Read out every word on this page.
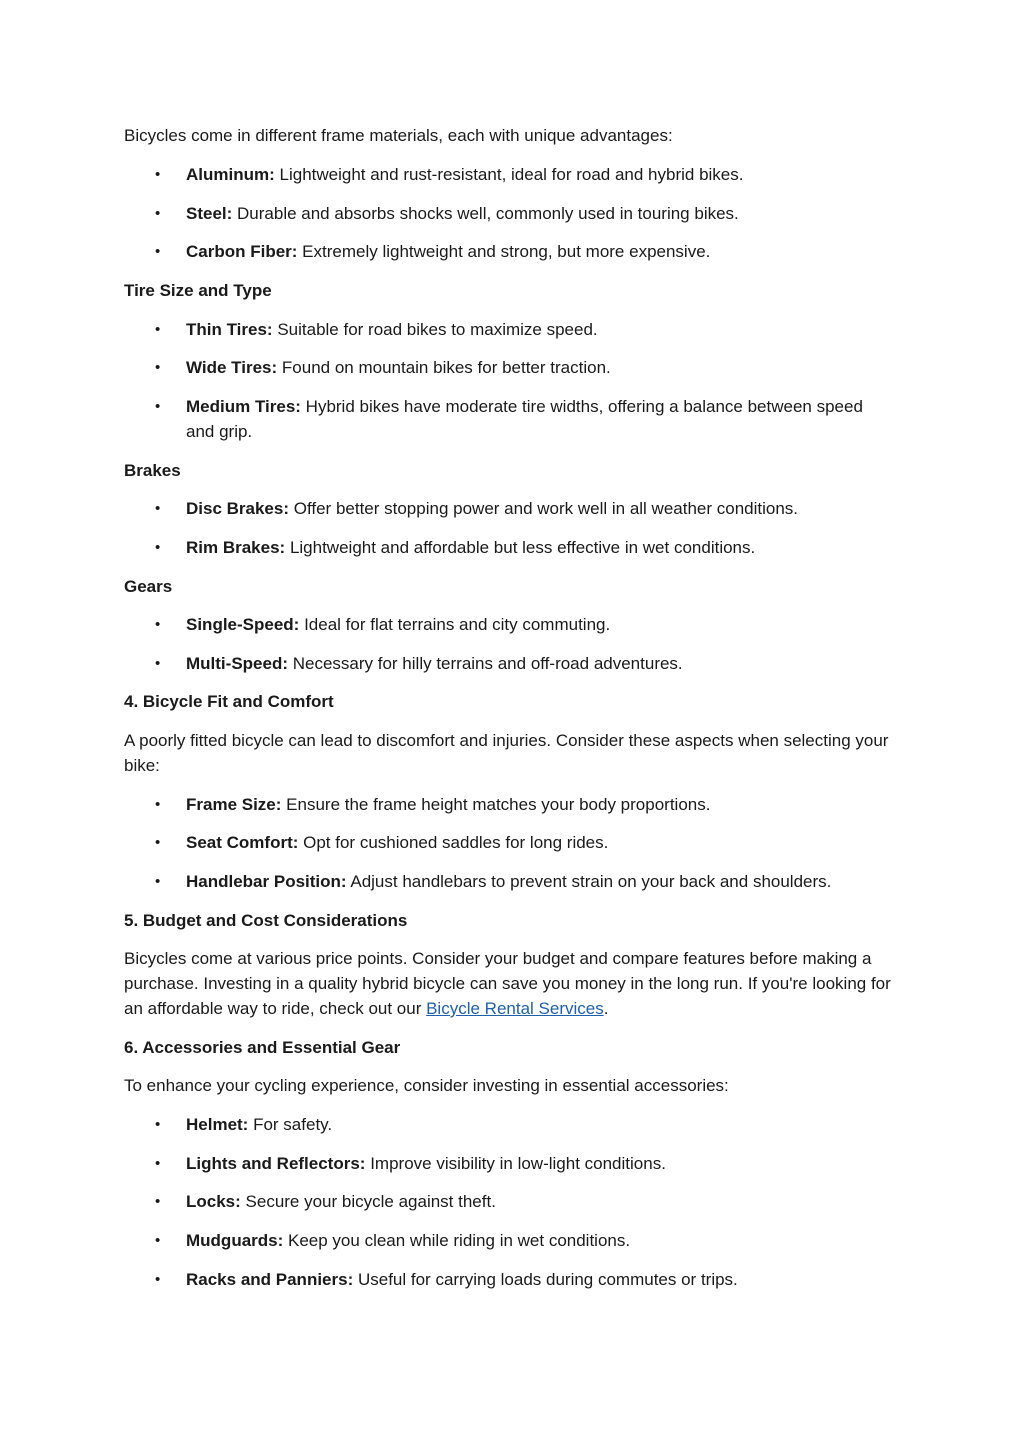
Bicycles come in different frame materials, each with unique advantages:

• Aluminum: Lightweight and rust-resistant, ideal for road and hybrid bikes.
• Steel: Durable and absorbs shocks well, commonly used in touring bikes.
• Carbon Fiber: Extremely lightweight and strong, but more expensive.

Tire Size and Type

• Thin Tires: Suitable for road bikes to maximize speed.
• Wide Tires: Found on mountain bikes for better traction.
• Medium Tires: Hybrid bikes have moderate tire widths, offering a balance between speed and grip.

Brakes

• Disc Brakes: Offer better stopping power and work well in all weather conditions.
• Rim Brakes: Lightweight and affordable but less effective in wet conditions.

Gears

• Single-Speed: Ideal for flat terrains and city commuting.
• Multi-Speed: Necessary for hilly terrains and off-road adventures.

4. Bicycle Fit and Comfort

A poorly fitted bicycle can lead to discomfort and injuries. Consider these aspects when selecting your bike:

• Frame Size: Ensure the frame height matches your body proportions.
• Seat Comfort: Opt for cushioned saddles for long rides.
• Handlebar Position: Adjust handlebars to prevent strain on your back and shoulders.

5. Budget and Cost Considerations

Bicycles come at various price points. Consider your budget and compare features before making a purchase. Investing in a quality hybrid bicycle can save you money in the long run. If you're looking for an affordable way to ride, check out our Bicycle Rental Services.

6. Accessories and Essential Gear

To enhance your cycling experience, consider investing in essential accessories:

• Helmet: For safety.
• Lights and Reflectors: Improve visibility in low-light conditions.
• Locks: Secure your bicycle against theft.
• Mudguards: Keep you clean while riding in wet conditions.
• Racks and Panniers: Useful for carrying loads during commutes or trips.
